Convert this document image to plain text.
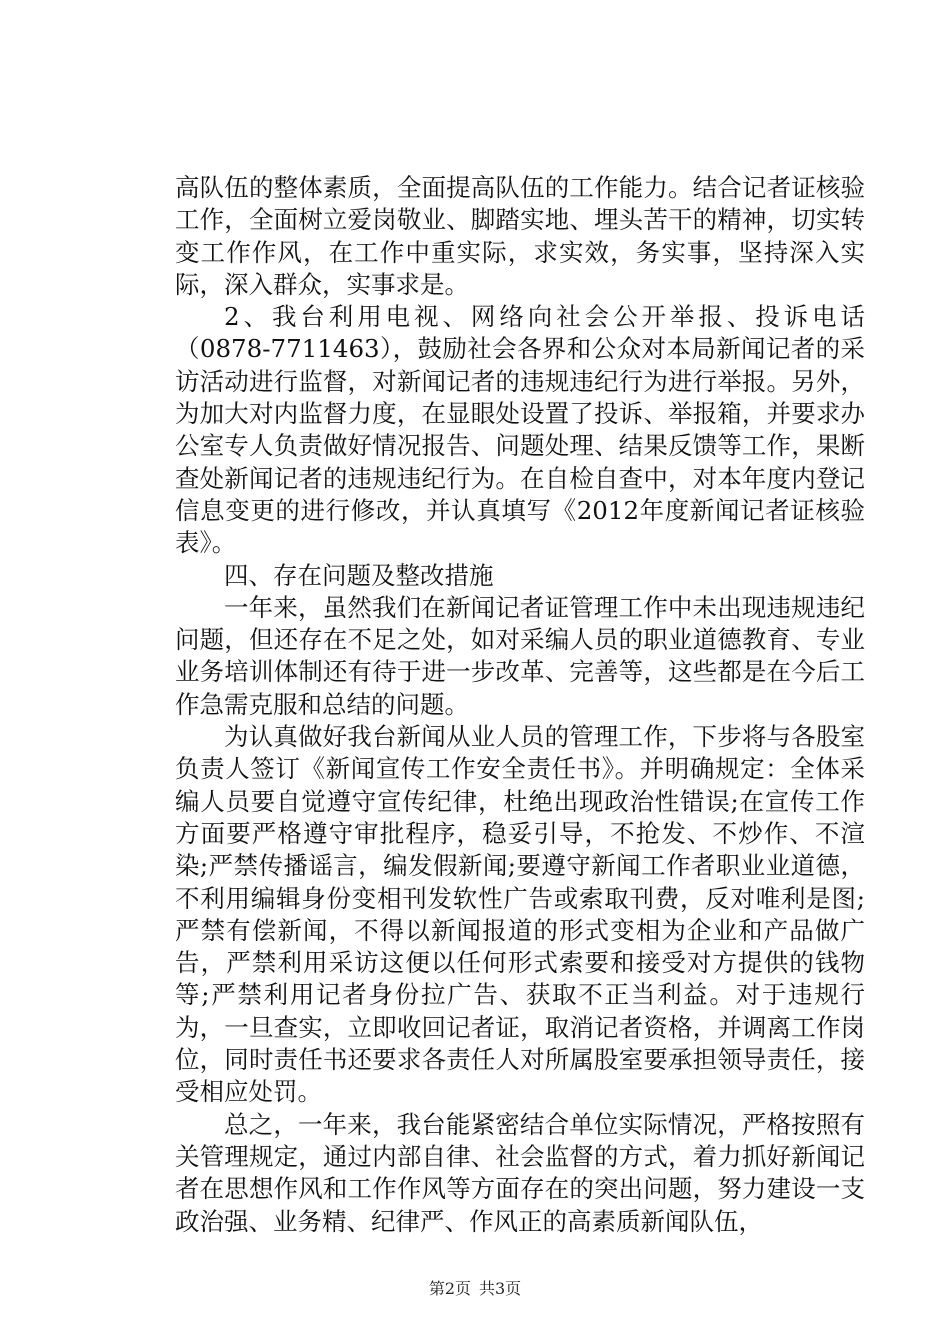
高队伍的整体素质，全面提高队伍的工作能力。结合记者证核验工作，全面树立爱岗敬业、脚踏实地、埋头苦干的精神，切实转变工作作风，在工作中重实际，求实效，务实事，坚持深入实际，深入群众，实事求是。

2、我台利用电视、网络向社会公开举报、投诉电话（0878-7711463），鼓励社会各界和公众对本局新闻记者的采访活动进行监督，对新闻记者的违规违纪行为进行举报。另外，为加大对内监督力度，在显眼处设置了投诉、举报箱，并要求办公室专人负责做好情况报告、问题处理、结果反馈等工作，果断查处新闻记者的违规违纪行为。在自检自查中，对本年度内登记信息变更的进行修改，并认真填写《2012年度新闻记者证核验表》。

四、存在问题及整改措施

一年来，虽然我们在新闻记者证管理工作中未出现违规违纪问题，但还存在不足之处，如对采编人员的职业道德教育、专业业务培训体制还有待于进一步改革、完善等，这些都是在今后工作急需克服和总结的问题。

为认真做好我台新闻从业人员的管理工作，下步将与各股室负责人签订《新闻宣传工作安全责任书》。并明确规定：全体采编人员要自觉遵守宣传纪律，杜绝出现政治性错误;在宣传工作方面要严格遵守审批程序，稳妥引导，不抢发、不炒作、不渲染;严禁传播谣言，编发假新闻;要遵守新闻工作者职业业道德，不利用编辑身份变相刊发软性广告或索取刊费，反对唯利是图;严禁有偿新闻，不得以新闻报道的形式变相为企业和产品做广告，严禁利用采访这便以任何形式索要和接受对方提供的钱物等;严禁利用记者身份拉广告、获取不正当利益。对于违规行为，一旦查实，立即收回记者证，取消记者资格，并调离工作岗位，同时责任书还要求各责任人对所属股室要承担领导责任，接受相应处罚。

总之，一年来，我台能紧密结合单位实际情况，严格按照有关管理规定，通过内部自律、社会监督的方式，着力抓好新闻记者在思想作风和工作作风等方面存在的突出问题，努力建设一支政治强、业务精、纪律严、作风正的高素质新闻队伍，

第2页 共3页
